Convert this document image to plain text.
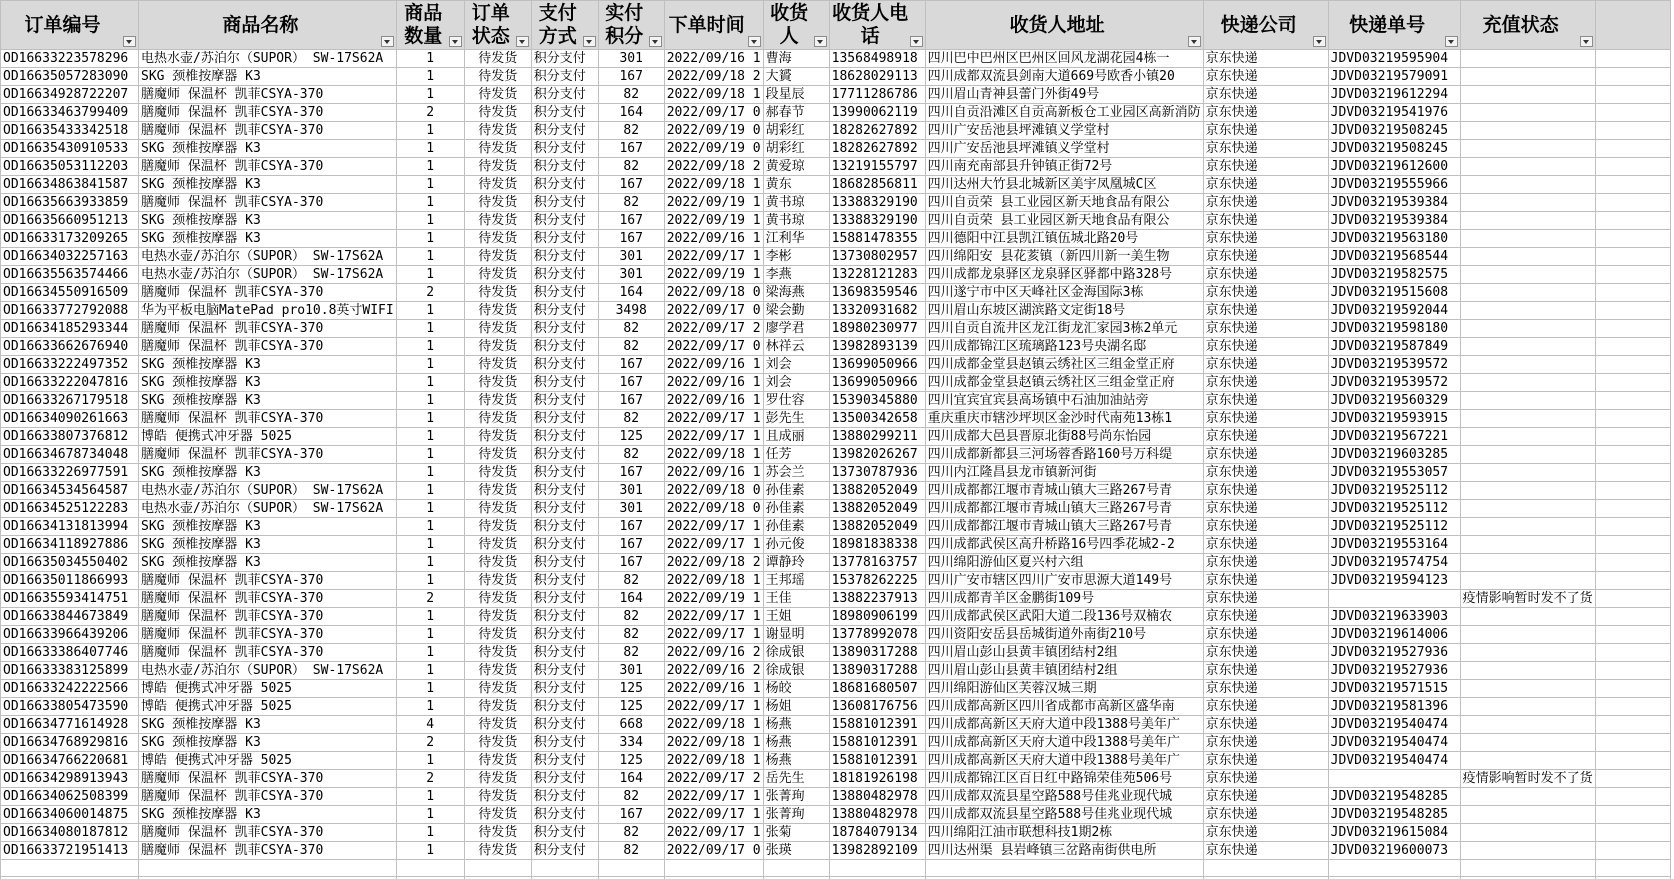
订单编号	商品名称	商品数量	订单状态	支付方式	实付积分	下单时间	收货人	收货人电话	收货人地址	快递公司	快递单号	充值状态	

OD16633223578296	电热水壶/苏泊尔（SUPOR） SW-17S62A	1	待发货	积分支付	301	2022/09/16 1	曹海	13568498918	四川巴中巴州区巴州区回风龙湖花园4栋一	京东快递	JDVD03219595904		
OD16635057283090	SKG 颈椎按摩器 K3	1	待发货	积分支付	167	2022/09/18 2	大贇	18628029113	四川成都双流县剑南大道669号欧香小镇20	京东快递	JDVD03219579091		
OD16634928722207	膳魔师 保温杯 凯菲CSYA-370	1	待发货	积分支付	82	2022/09/18 1	段星辰	17711286786	四川眉山青神县蕾门外街49号	京东快递	JDVD03219612294		
OD16633463799409	膳魔师 保温杯 凯菲CSYA-370	2	待发货	积分支付	164	2022/09/17 0	郝春节	13990062119	四川自贡沿滩区自贡高新板仓工业园区高新消防	京东快递	JDVD03219541976		
OD16635433342518	膳魔师 保温杯 凯菲CSYA-370	1	待发货	积分支付	82	2022/09/19 0	胡彩红	18282627892	四川广安岳池县坪滩镇义学堂村	京东快递	JDVD03219508245		
OD16635430910533	SKG 颈椎按摩器 K3	1	待发货	积分支付	167	2022/09/19 0	胡彩红	18282627892	四川广安岳池县坪滩镇义学堂村	京东快递	JDVD03219508245		
OD16635053112203	膳魔师 保温杯 凯菲CSYA-370	1	待发货	积分支付	82	2022/09/18 2	黄爱琼	13219155797	四川南充南部县升钟镇正街72号	京东快递	JDVD03219612600		
OD16634863841587	SKG 颈椎按摩器 K3	1	待发货	积分支付	167	2022/09/18 1	黄东	18682856811	四川达州大竹县北城新区美宇凤凰城C区	京东快递	JDVD03219555966		
OD16635663933859	膳魔师 保温杯 凯菲CSYA-370	1	待发货	积分支付	82	2022/09/19 1	黄书琼	13388329190	四川自贡荣 县工业园区新天地食品有限公	京东快递	JDVD03219539384		
OD16635660951213	SKG 颈椎按摩器 K3	1	待发货	积分支付	167	2022/09/19 1	黄书琼	13388329190	四川自贡荣 县工业园区新天地食品有限公	京东快递	JDVD03219539384		
OD16633173209265	SKG 颈椎按摩器 K3	1	待发货	积分支付	167	2022/09/16 1	江利华	15881478355	四川德阳中江县凯江镇伍城北路20号	京东快递	JDVD03219563180		
OD16634032257163	电热水壶/苏泊尔（SUPOR） SW-17S62A	1	待发货	积分支付	301	2022/09/17 1	李彬	13730802957	四川绵阳安 县花荄镇（新四川新一美生物	京东快递	JDVD03219568544		
OD16635563574466	电热水壶/苏泊尔（SUPOR） SW-17S62A	1	待发货	积分支付	301	2022/09/19 1	李燕	13228121283	四川成都龙泉驿区龙泉驿区驿都中路328号	京东快递	JDVD03219582575		
OD16634550916509	膳魔师 保温杯 凯菲CSYA-370	2	待发货	积分支付	164	2022/09/18 0	梁海燕	13698359546	四川遂宁市中区天峰社区金海国际3栋	京东快递	JDVD03219515608		
OD16633772792088	华为平板电脑MatePad pro10.8英寸WIFI	1	待发货	积分支付	3498	2022/09/17 0	梁会勤	13320931682	四川眉山东坡区湖滨路文定街18号	京东快递	JDVD03219592044		
OD16634185293344	膳魔师 保温杯 凯菲CSYA-370	1	待发货	积分支付	82	2022/09/17 2	廖学君	18980230977	四川自贡自流井区龙江街龙汇家园3栋2单元	京东快递	JDVD03219598180		
OD16633662676940	膳魔师 保温杯 凯菲CSYA-370	1	待发货	积分支付	82	2022/09/17 0	林祥云	13982893139	四川成都锦江区琉璃路123号央湖名邸	京东快递	JDVD03219587849		
OD16633222497352	SKG 颈椎按摩器 K3	1	待发货	积分支付	167	2022/09/16 1	刘会	13699050966	四川成都金堂县赵镇云绣社区三组金堂正府	京东快递	JDVD03219539572		
OD16633222047816	SKG 颈椎按摩器 K3	1	待发货	积分支付	167	2022/09/16 1	刘会	13699050966	四川成都金堂县赵镇云绣社区三组金堂正府	京东快递	JDVD03219539572		
OD16633267179518	SKG 颈椎按摩器 K3	1	待发货	积分支付	167	2022/09/16 1	罗仕容	15390345880	四川宜宾宜宾县高场镇中石油加油站旁	京东快递	JDVD03219560329		
OD16634090261663	膳魔师 保温杯 凯菲CSYA-370	1	待发货	积分支付	82	2022/09/17 1	彭先生	13500342658	重庆重庆市辖沙坪坝区金沙时代南苑13栋1	京东快递	JDVD03219593915		
OD16633807376812	博皓 便携式冲牙器 5025	1	待发货	积分支付	125	2022/09/17 1	且成丽	13880299211	四川成都大邑县晋原北街88号尚东怡园	京东快递	JDVD03219567221		
OD16634678734048	膳魔师 保温杯 凯菲CSYA-370	1	待发货	积分支付	82	2022/09/18 1	任芳	13982026267	四川成都新都县三河场蓉香路160号万科缇	京东快递	JDVD03219603285		
OD16633226977591	SKG 颈椎按摩器 K3	1	待发货	积分支付	167	2022/09/16 1	苏会兰	13730787936	四川内江隆昌县龙市镇新河街	京东快递	JDVD03219553057		
OD16634534564587	电热水壶/苏泊尔（SUPOR） SW-17S62A	1	待发货	积分支付	301	2022/09/18 0	孙佳素	13882052049	四川成都都江堰市青城山镇大三路267号青	京东快递	JDVD03219525112		
OD16634525122283	电热水壶/苏泊尔（SUPOR） SW-17S62A	1	待发货	积分支付	301	2022/09/18 0	孙佳素	13882052049	四川成都都江堰市青城山镇大三路267号青	京东快递	JDVD03219525112		
OD16634131813994	SKG 颈椎按摩器 K3	1	待发货	积分支付	167	2022/09/17 1	孙佳素	13882052049	四川成都都江堰市青城山镇大三路267号青	京东快递	JDVD03219525112		
OD16634118927886	SKG 颈椎按摩器 K3	1	待发货	积分支付	167	2022/09/17 1	孙元俊	18981838338	四川成都武侯区高升桥路16号四季花城2-2	京东快递	JDVD03219553164		
OD16635034550402	SKG 颈椎按摩器 K3	1	待发货	积分支付	167	2022/09/18 2	谭静玲	13778163757	四川绵阳游仙区夏兴村六组	京东快递	JDVD03219574754		
OD16635011866993	膳魔师 保温杯 凯菲CSYA-370	1	待发货	积分支付	82	2022/09/18 1	王邦瑶	15378262225	四川广安市辖区四川广安市思源大道149号	京东快递	JDVD03219594123		
OD16635593414751	膳魔师 保温杯 凯菲CSYA-370	2	待发货	积分支付	164	2022/09/19 1	王佳	13882237913	四川成都青羊区金鹏街109号	京东快递		疫情影响暂时发不了货	
OD16633844673849	膳魔师 保温杯 凯菲CSYA-370	1	待发货	积分支付	82	2022/09/17 1	王姐	18980906199	四川成都武侯区武阳大道二段136号双楠农	京东快递	JDVD03219633903		
OD16633966439206	膳魔师 保温杯 凯菲CSYA-370	1	待发货	积分支付	82	2022/09/17 1	谢显明	13778992078	四川资阳安岳县岳城街道外南街210号	京东快递	JDVD03219614006		
OD16633386407746	膳魔师 保温杯 凯菲CSYA-370	1	待发货	积分支付	82	2022/09/16 2	徐成银	13890317288	四川眉山彭山县黄丰镇团结村2组	京东快递	JDVD03219527936		
OD16633383125899	电热水壶/苏泊尔（SUPOR） SW-17S62A	1	待发货	积分支付	301	2022/09/16 2	徐成银	13890317288	四川眉山彭山县黄丰镇团结村2组	京东快递	JDVD03219527936		
OD16633242222566	博皓 便携式冲牙器 5025	1	待发货	积分支付	125	2022/09/16 1	杨皎	18681680507	四川绵阳游仙区芙蓉汉城三期	京东快递	JDVD03219571515		
OD16633805473590	博皓 便携式冲牙器 5025	1	待发货	积分支付	125	2022/09/17 1	杨姐	13608176756	四川成都高新区四川省成都市高新区盛华南	京东快递	JDVD03219581396		
OD16634771614928	SKG 颈椎按摩器 K3	4	待发货	积分支付	668	2022/09/18 1	杨燕	15881012391	四川成都高新区天府大道中段1388号美年广	京东快递	JDVD03219540474		
OD16634768929816	SKG 颈椎按摩器 K3	2	待发货	积分支付	334	2022/09/18 1	杨燕	15881012391	四川成都高新区天府大道中段1388号美年广	京东快递	JDVD03219540474		
OD16634766220681	博皓 便携式冲牙器 5025	1	待发货	积分支付	125	2022/09/18 1	杨燕	15881012391	四川成都高新区天府大道中段1388号美年广	京东快递	JDVD03219540474		
OD16634298913943	膳魔师 保温杯 凯菲CSYA-370	2	待发货	积分支付	164	2022/09/17 2	岳先生	18181926198	四川成都锦江区百日红中路锦荣佳苑506号	京东快递		疫情影响暂时发不了货	
OD16634062508399	膳魔师 保温杯 凯菲CSYA-370	1	待发货	积分支付	82	2022/09/17 1	张菁珣	13880482978	四川成都双流县星空路588号佳兆业现代城	京东快递	JDVD03219548285		
OD16634060014875	SKG 颈椎按摩器 K3	1	待发货	积分支付	167	2022/09/17 1	张菁珣	13880482978	四川成都双流县星空路588号佳兆业现代城	京东快递	JDVD03219548285		
OD16634080187812	膳魔师 保温杯 凯菲CSYA-370	1	待发货	积分支付	82	2022/09/17 1	张菊	18784079134	四川绵阳江油市联想科技1期2栋	京东快递	JDVD03219615084		
OD16633721951413	膳魔师 保温杯 凯菲CSYA-370	1	待发货	积分支付	82	2022/09/17 0	张瑛	13982892109	四川达州渠 县岩峰镇三岔路南街供电所	京东快递	JDVD03219600073		
